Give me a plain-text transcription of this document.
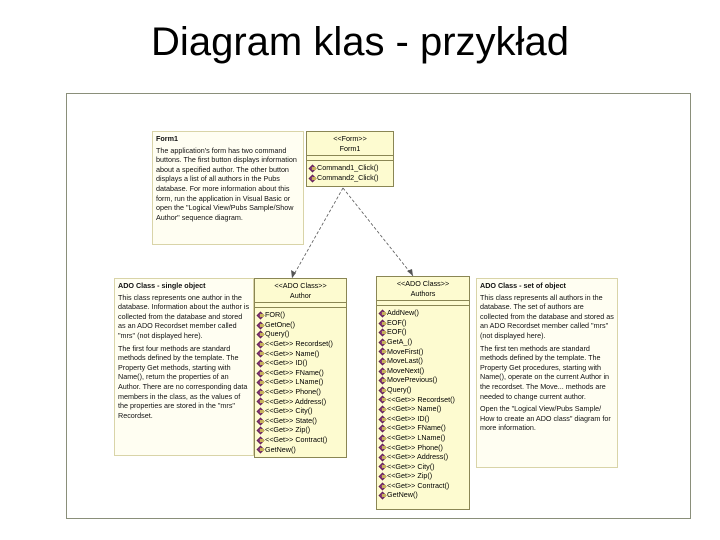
Diagram klas - przykład
Form1
The application's form has two command buttons. The first button displays information about a specified author. The other button displays a list of all authors in the Pubs database. For more information about this form, run the application in Visual Basic or open the "Logical View/Pubs Sample/Show Author" sequence diagram.
<<Form>>
Form1
Command1_Click()
Command2_Click()
ADO Class - single object
This class represents one author in the database. Information about the author is collected from the database and stored as an ADO Recordset member called "mrs" (not displayed here).
The first four methods are standard methods defined by the template. The Property Get methods, starting with Name(), return the properties of an Author. There are no corresponding data members in the class, as the values of the properties are stored in the "mrs" Recordset.
<<ADO Class>>
Author
FOR()
GetOne()
Query()
<<Get>> Recordset()
<<Get>> Name()
<<Get>> ID()
<<Get>> FName()
<<Get>> LName()
<<Get>> Phone()
<<Get>> Address()
<<Get>> City()
<<Get>> State()
<<Get>> Zip()
<<Get>> Contract()
GetNew()
<<ADO Class>>
Authors
AddNew()
EOF()
EOF()
GetA_()
MoveFirst()
MoveLast()
MoveNext()
MovePrevious()
Query()
<<Get>> Recordset()
<<Get>> Name()
<<Get>> ID()
<<Get>> FName()
<<Get>> LName()
<<Get>> Phone()
<<Get>> Address()
<<Get>> City()
<<Get>> Zip()
<<Get>> Contract()
GetNew()
ADO Class - set of object
This class represents all authors in the database. The set of authors are collected from the database and stored as an ADO Recordset member called "mrs" (not displayed here).
The first ten methods are standard methods defined by the template. The Property Get procedures, starting with Name(), operate on the current Author in the recordset. The Move... methods are needed to change current author.
Open the "Logical View/Pubs Sample/ How to create an ADO class" diagram for more information.
